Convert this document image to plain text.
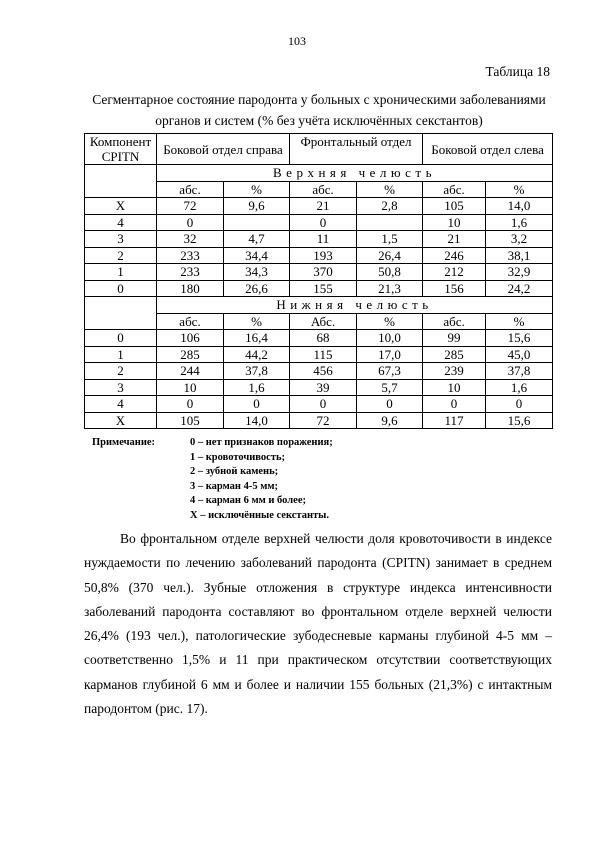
103
Таблица 18
Сегментарное состояние пародонта у больных с хроническими заболеваниями органов и систем (% без учёта исключённых секстантов)
Компонент CPITN	Боковой отдел справа		Фронтальный отдел		Боковой отдел слева	
	Верхняя челюсть					
	абс.	%	абс.	%	абс.	%
X	72	9,6	21	2,8	105	14,0
4	0		0		10	1,6
3	32	4,7	11	1,5	21	3,2
2	233	34,4	193	26,4	246	38,1
1	233	34,3	370	50,8	212	32,9
0	180	26,6	155	21,3	156	24,2
	Нижняя челюсть					
	абс.	%	Абс.	%	абс.	%
0	106	16,4	68	10,0	99	15,6
1	285	44,2	115	17,0	285	45,0
2	244	37,8	456	67,3	239	37,8
3	10	1,6	39	5,7	10	1,6
4	0	0	0	0	0	0
X	105	14,0	72	9,6	117	15,6
Примечание:	0 – нет признаков поражения;
1 – кровоточивость;
2 – зубной камень;
3 – карман 4-5 мм;
4 – карман 6 мм и более;
Х – исключённые секстанты.
Во фронтальном отделе верхней челюсти доля кровоточивости в индексе нуждаемости по лечению заболеваний пародонта (CPITN) занимает в среднем 50,8% (370 чел.). Зубные отложения в структуре индекса интенсивности заболеваний пародонта составляют во фронтальном отделе верхней челюсти 26,4% (193 чел.), патологические зубодесневые карманы глубиной 4-5 мм – соответственно 1,5% и 11 при практическом отсутствии соответствующих карманов глубиной 6 мм и более и наличии 155 больных (21,3%) с интактным пародонтом (рис. 17).
